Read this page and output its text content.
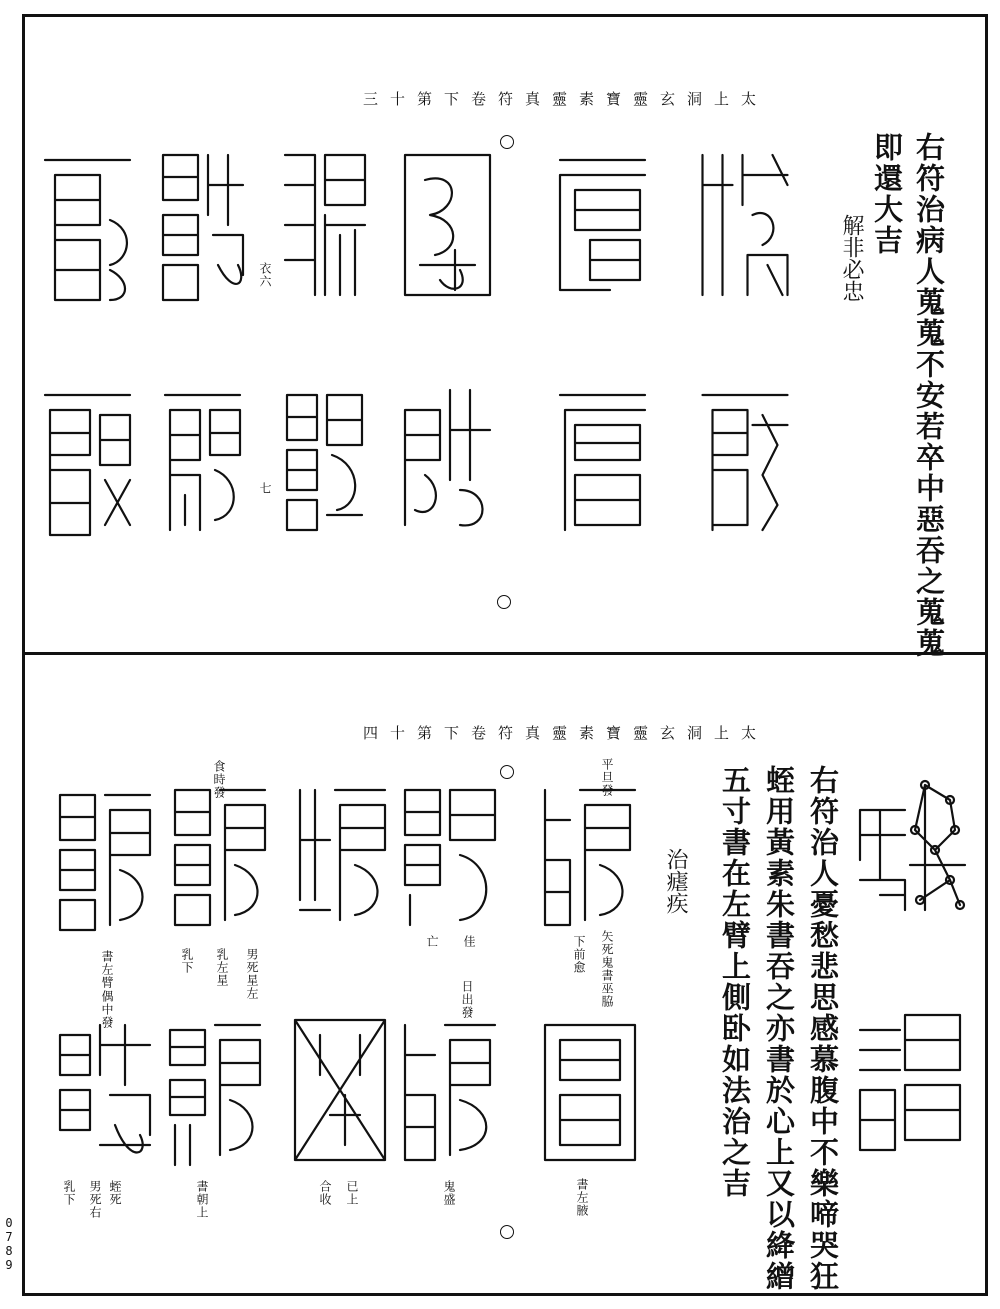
0789
太上洞玄靈寶素靈真符卷下第十三
右符治病人蒐蒐不安若卒中惡吞之蒐蒐
即還大吉
解非必忠
衣六
七
太上洞玄靈寶素靈真符卷下第十四
右符治人憂愁悲思感慕腹中不樂啼哭狂
蛭用黃素朱書吞之亦書於心上又以絳繒
五寸書在左臂上側卧如法治之吉
治瘧疾
平旦發
食時發
佳
亡
書左臂
偶中發
乳左星
乳下	男死星左	日出發	矢死鬼書巫脇
下前愈
書左腋
書朝上
蛭死	鬼盛
男死右
乳下	已上
合收
